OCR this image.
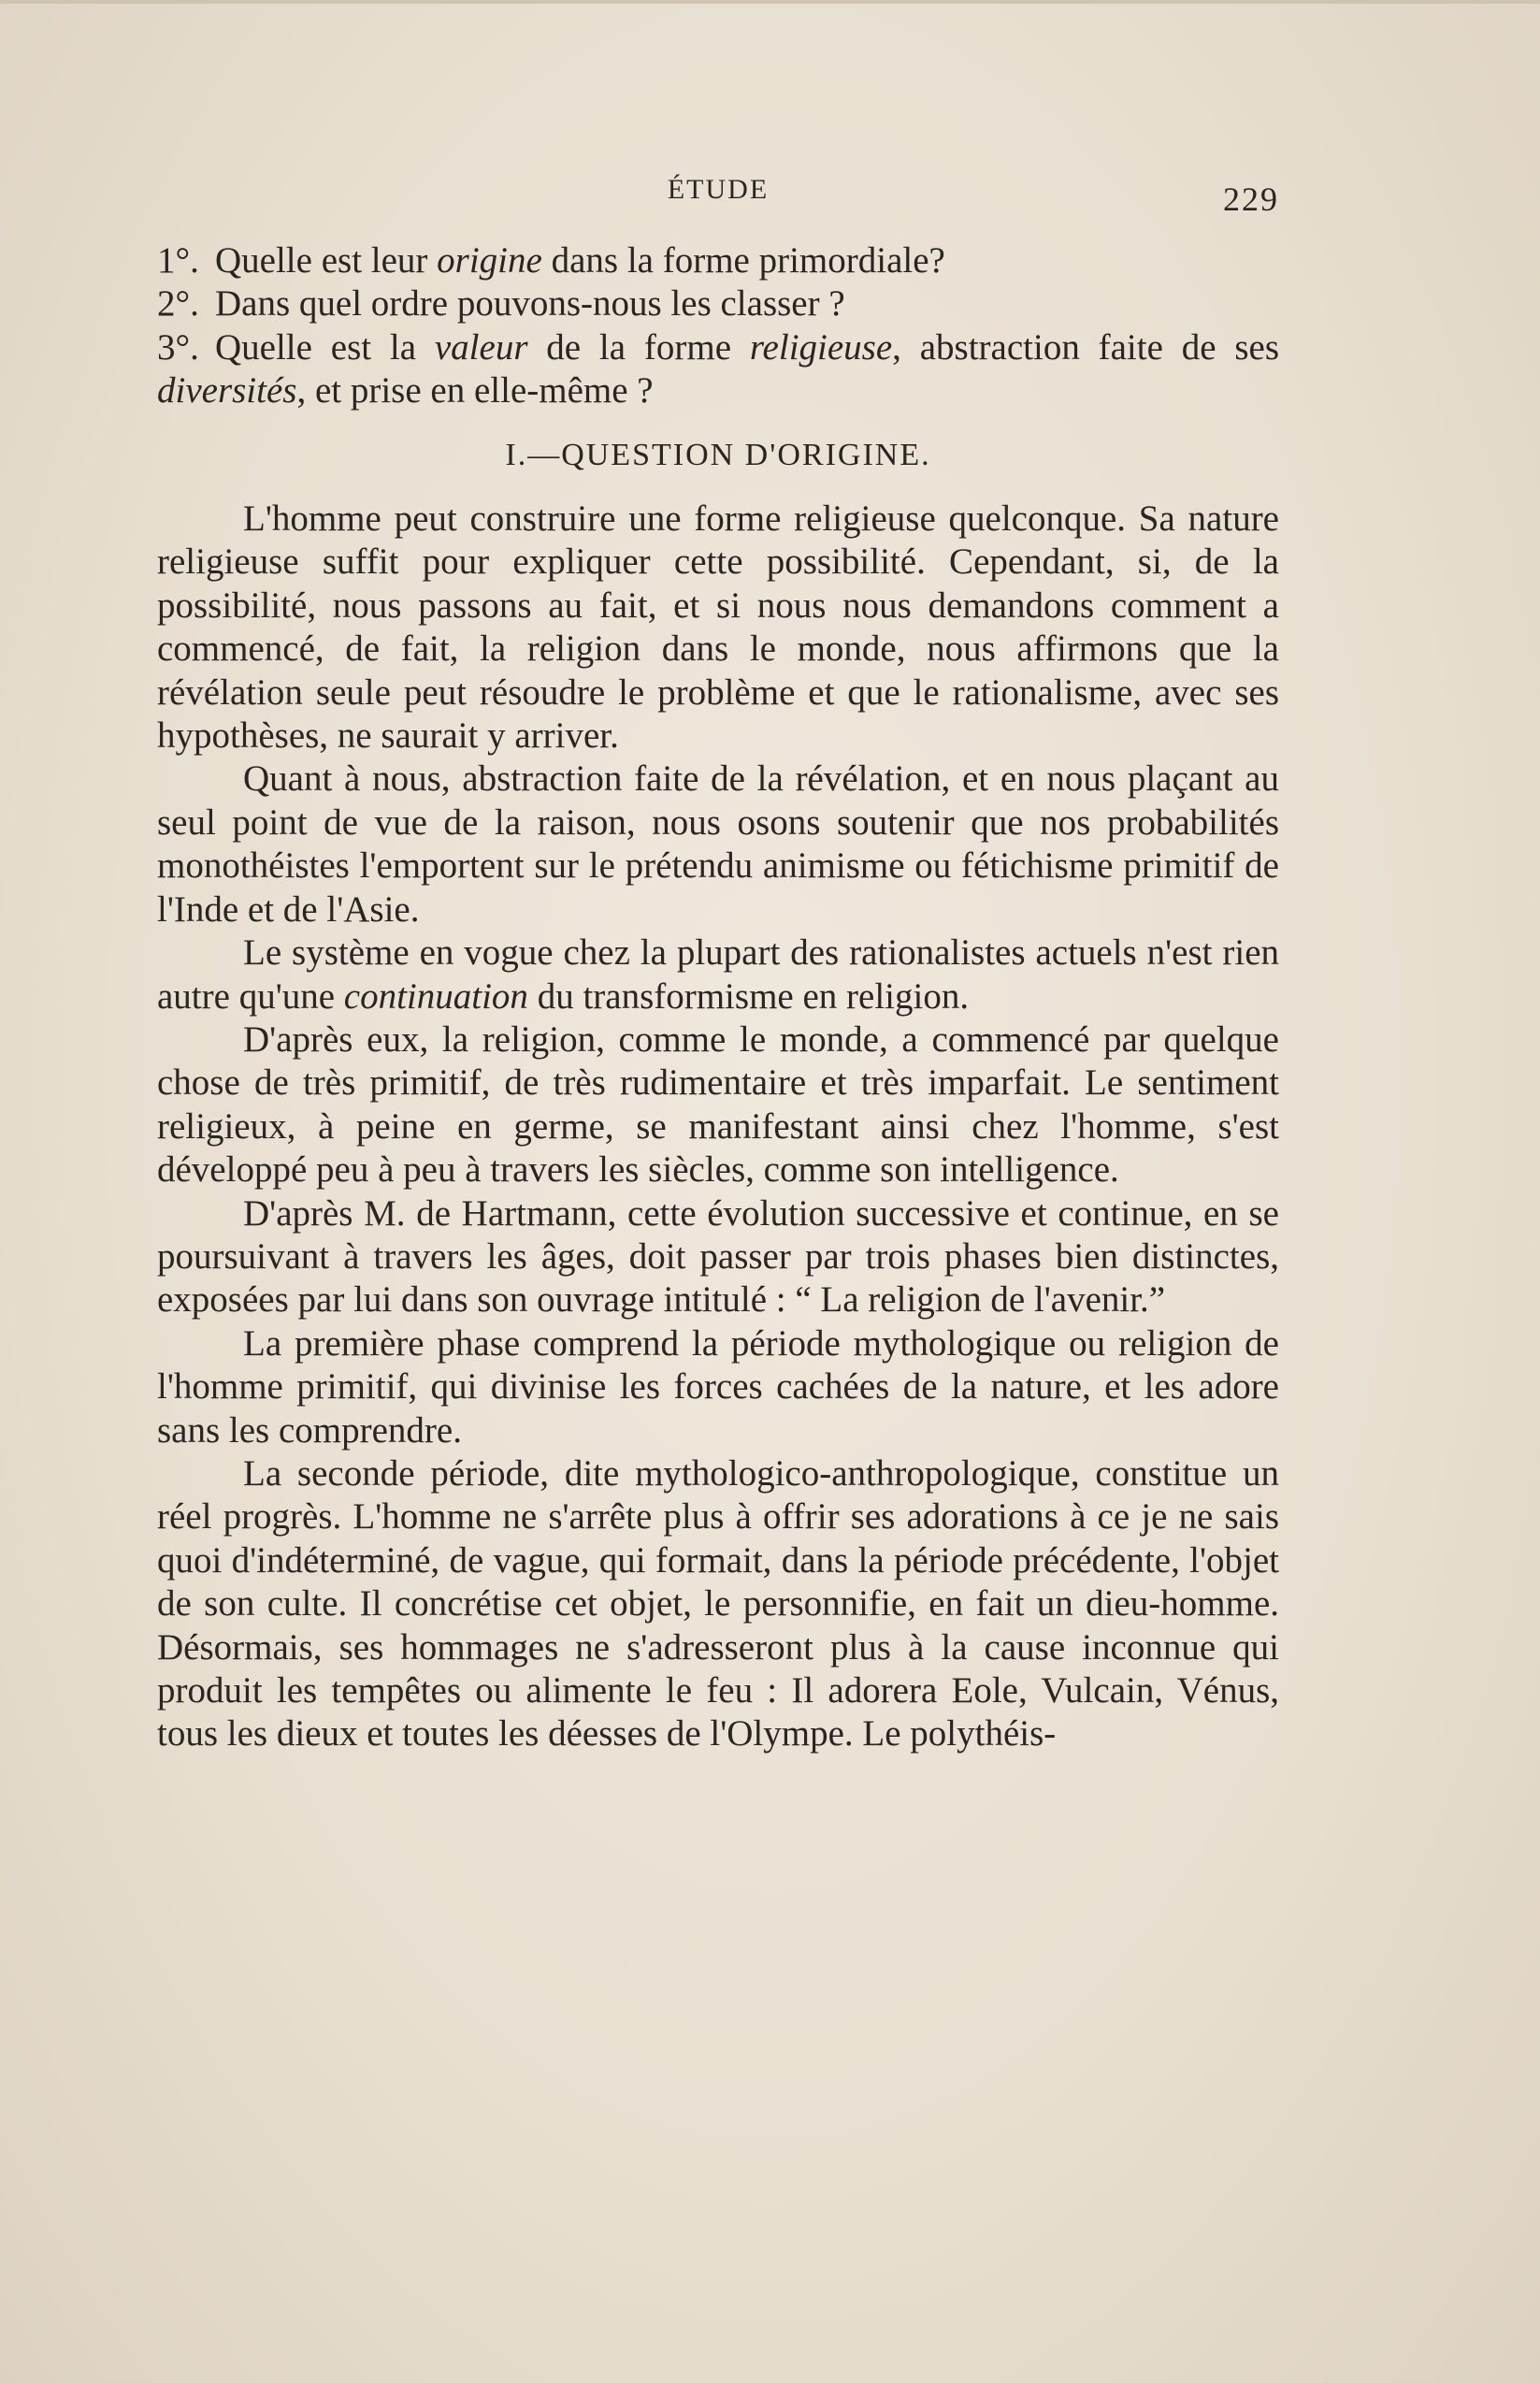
ÉTUDE	229

1°. Quelle est leur origine dans la forme primordiale?

2°. Dans quel ordre pouvons-nous les classer ?

3°. Quelle est la valeur de la forme religieuse, abstraction faite de ses diversités, et prise en elle-même ?

I.—QUESTION D'ORIGINE.

L'homme peut construire une forme religieuse quelconque. Sa nature religieuse suffit pour expliquer cette possibilité. Cependant, si, de la possibilité, nous passons au fait, et si nous nous demandons comment a commencé, de fait, la religion dans le monde, nous affirmons que la révélation seule peut résoudre le problème et que le rationalisme, avec ses hypothèses, ne saurait y arriver.

Quant à nous, abstraction faite de la révélation, et en nous plaçant au seul point de vue de la raison, nous osons soutenir que nos probabilités monothéistes l'emportent sur le prétendu animisme ou fétichisme primitif de l'Inde et de l'Asie.

Le système en vogue chez la plupart des rationalistes actuels n'est rien autre qu'une continuation du transformisme en religion.

D'après eux, la religion, comme le monde, a commencé par quelque chose de très primitif, de très rudimentaire et très imparfait. Le sentiment religieux, à peine en germe, se manifestant ainsi chez l'homme, s'est développé peu à peu à travers les siècles, comme son intelligence.

D'après M. de Hartmann, cette évolution successive et continue, en se poursuivant à travers les âges, doit passer par trois phases bien distinctes, exposées par lui dans son ouvrage intitulé : “ La religion de l'avenir.”

La première phase comprend la période mythologique ou religion de l'homme primitif, qui divinise les forces cachées de la nature, et les adore sans les comprendre.

La seconde période, dite mythologico-anthropologique, constitue un réel progrès. L'homme ne s'arrête plus à offrir ses adorations à ce je ne sais quoi d'indéterminé, de vague, qui formait, dans la période précédente, l'objet de son culte. Il concrétise cet objet, le personnifie, en fait un dieu-homme. Désormais, ses hommages ne s'adresseront plus à la cause inconnue qui produit les tempêtes ou alimente le feu : Il adorera Eole, Vulcain, Vénus, tous les dieux et toutes les déesses de l'Olympe. Le polythéis-
